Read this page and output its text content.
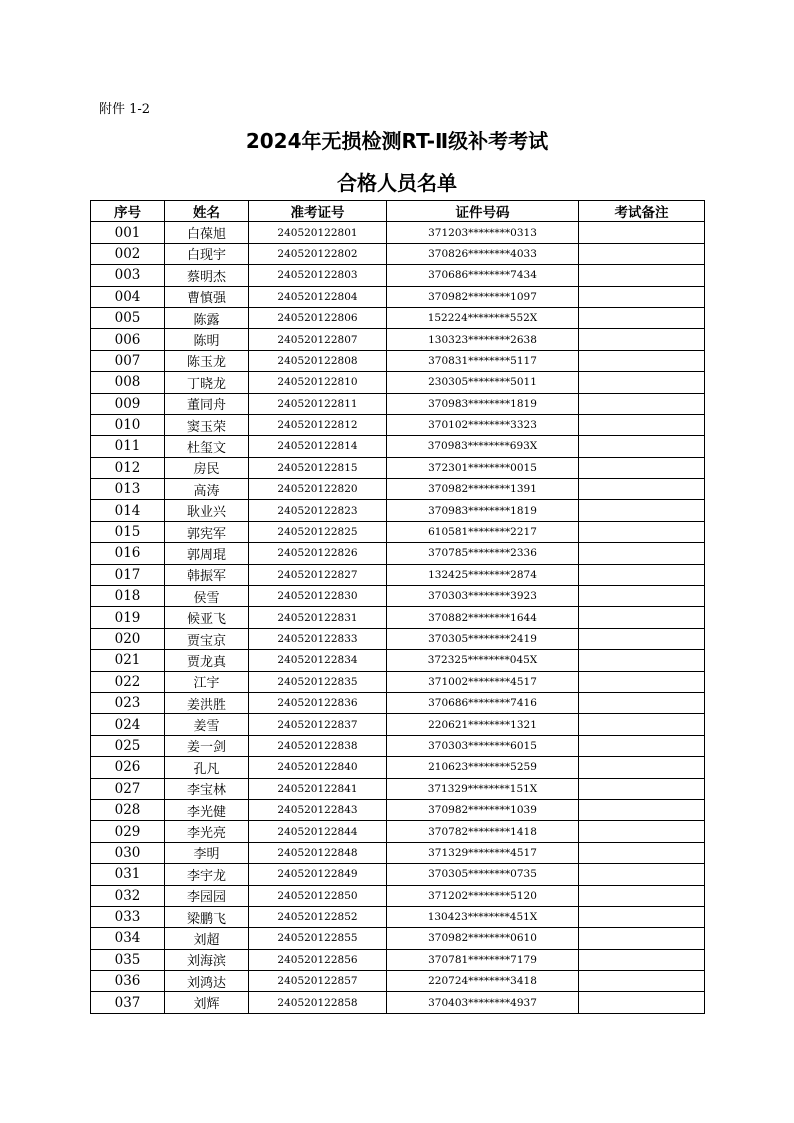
附件 1-2
2024年无损检测RT-Ⅱ级补考考试
合格人员名单
序号	姓名	准考证号	证件号码	考试备注
001	白葆旭	240520122801	371203********0313	
002	白现宇	240520122802	370826********4033	
003	蔡明杰	240520122803	370686********7434	
004	曹慎强	240520122804	370982********1097	
005	陈露	240520122806	152224********552X	
006	陈明	240520122807	130323********2638	
007	陈玉龙	240520122808	370831********5117	
008	丁晓龙	240520122810	230305********5011	
009	董同舟	240520122811	370983********1819	
010	窦玉荣	240520122812	370102********3323	
011	杜玺文	240520122814	370983********693X	
012	房民	240520122815	372301********0015	
013	高涛	240520122820	370982********1391	
014	耿业兴	240520122823	370983********1819	
015	郭宪军	240520122825	610581********2217	
016	郭周琨	240520122826	370785********2336	
017	韩振军	240520122827	132425********2874	
018	侯雪	240520122830	370303********3923	
019	候亚飞	240520122831	370882********1644	
020	贾宝京	240520122833	370305********2419	
021	贾龙真	240520122834	372325********045X	
022	江宇	240520122835	371002********4517	
023	姜洪胜	240520122836	370686********7416	
024	姜雪	240520122837	220621********1321	
025	姜一剑	240520122838	370303********6015	
026	孔凡	240520122840	210623********5259	
027	李宝林	240520122841	371329********151X	
028	李光健	240520122843	370982********1039	
029	李光亮	240520122844	370782********1418	
030	李明	240520122848	371329********4517	
031	李宇龙	240520122849	370305********0735	
032	李园园	240520122850	371202********5120	
033	梁鹏飞	240520122852	130423********451X	
034	刘超	240520122855	370982********0610	
035	刘海滨	240520122856	370781********7179	
036	刘鸿达	240520122857	220724********3418	
037	刘辉	240520122858	370403********4937	
